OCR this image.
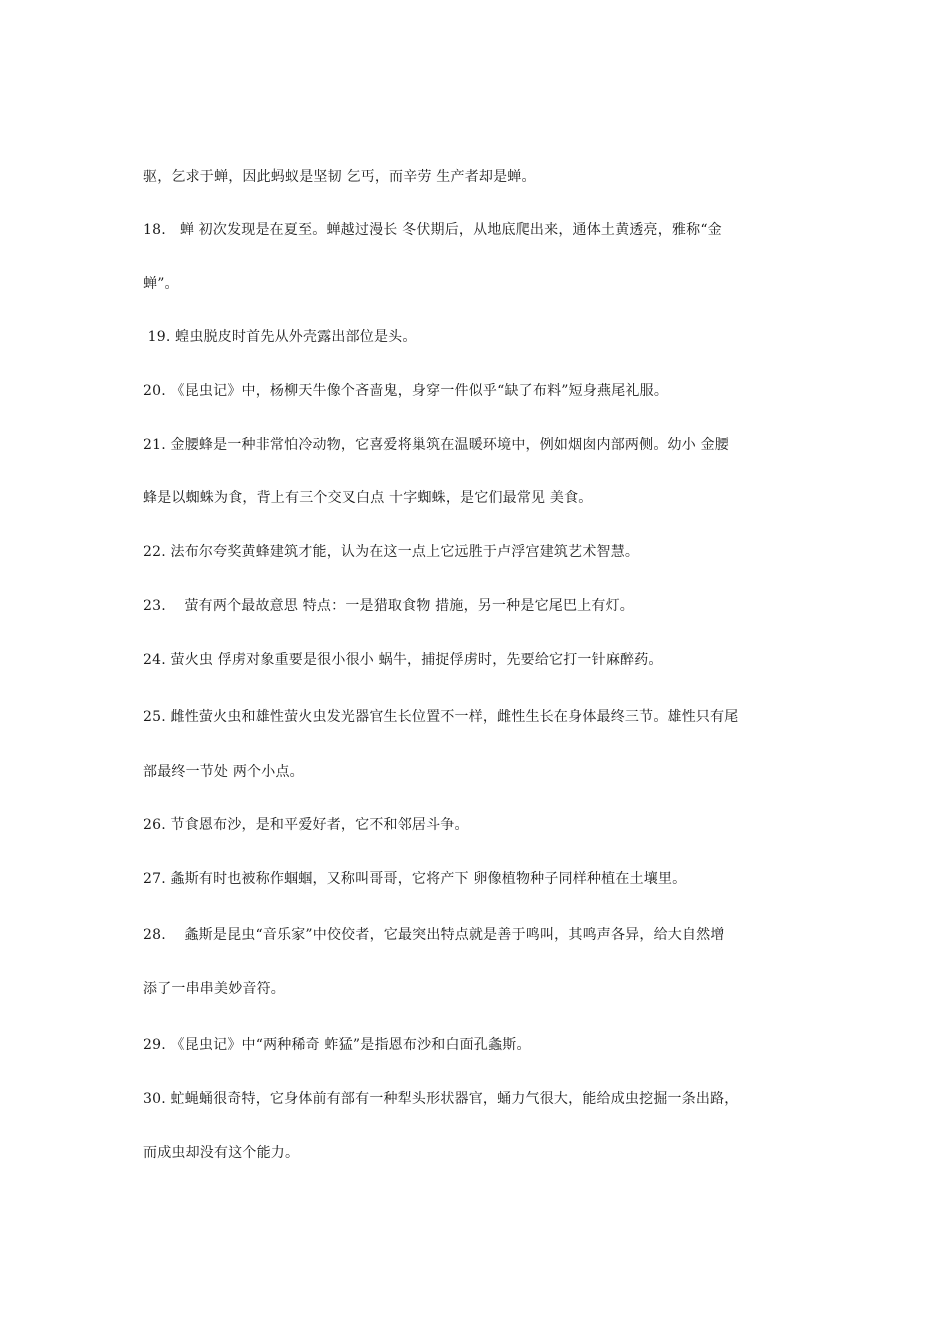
驱，乞求于蝉，因此蚂蚁是坚韧 乞丐，而辛劳 生产者却是蝉。
18.   蝉 初次发现是在夏至。蝉越过漫长 冬伏期后，从地底爬出来，通体土黄透亮，雅称“金
蝉”。
19. 蝗虫脱皮时首先从外壳露出部位是头。
20. 《昆虫记》中，杨柳天牛像个吝啬鬼，身穿一件似乎“缺了布料”短身燕尾礼服。
21. 金腰蜂是一种非常怕冷动物，它喜爱将巢筑在温暖环境中，例如烟囱内部两侧。幼小 金腰
蜂是以蜘蛛为食，背上有三个交叉白点 十字蜘蛛，是它们最常见 美食。
22. 法布尔夸奖黄蜂建筑才能，认为在这一点上它远胜于卢浮宫建筑艺术智慧。
23.    萤有两个最故意思 特点：一是猎取食物 措施，另一种是它尾巴上有灯。
24. 萤火虫 俘虏对象重要是很小很小 蜗牛，捕捉俘虏时，先要给它打一针麻醉药。
25. 雌性萤火虫和雄性萤火虫发光器官生长位置不一样，雌性生长在身体最终三节。雄性只有尾
部最终一节处 两个小点。
26. 节食恩布沙，是和平爱好者，它不和邻居斗争。
27. 螽斯有时也被称作蝈蝈，又称叫哥哥，它将产下 卵像植物种子同样种植在土壤里。
28.    螽斯是昆虫“音乐家”中佼佼者，它最突出特点就是善于鸣叫，其鸣声各异，给大自然增
添了一串串美妙音符。
29. 《昆虫记》中“两种稀奇 蚱猛”是指恩布沙和白面孔螽斯。
30. 虻蝇蛹很奇特，它身体前有部有一种犁头形状器官，蛹力气很大，能给成虫挖掘一条出路，
而成虫却没有这个能力。
